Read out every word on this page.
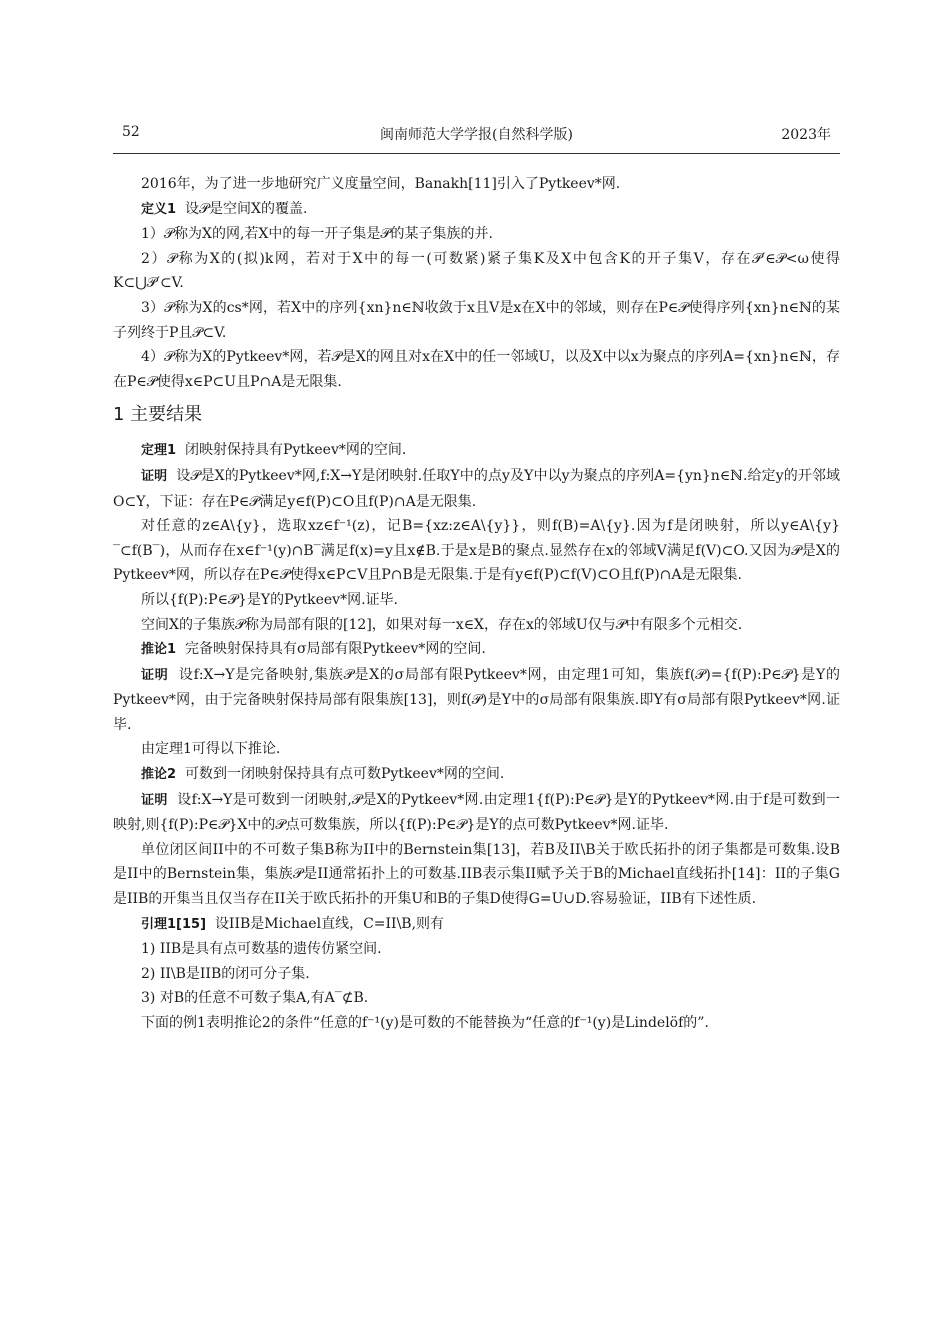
52	闽南师范大学学报(自然科学版)	2023年

2016年，为了进一步地研究广义度量空间，Banakh[11]引入了Pytkeev*网.

定义1 设𝒫是空间X的覆盖.

1）𝒫称为X的网,若X中的每一开子集是𝒫的某子集族的并.

2）𝒫称为X的(拟)k网，若对于X中的每一(可数紧)紧子集K及X中包含K的开子集V，存在𝒫′∈𝒫<ω使得K⊂⋃𝒫′⊂V.

3）𝒫称为X的cs*网，若X中的序列{xn}n∈ℕ收敛于x且V是x在X中的邻域，则存在P∈𝒫使得序列{xn}n∈ℕ的某子列终于P且𝒫⊂V.

4）𝒫称为X的Pytkeev*网，若𝒫是X的网且对x在X中的任一邻域U，以及X中以x为聚点的序列A={xn}n∈ℕ，存在P∈𝒫使得x∈P⊂U且P∩A是无限集.

1 主要结果

定理1 闭映射保持具有Pytkeev*网的空间.

证明 设𝒫是X的Pytkeev*网,f:X→Y是闭映射.任取Y中的点y及Y中以y为聚点的序列A={yn}n∈ℕ.给定y的开邻域O⊂Y，下证：存在P∈𝒫满足y∈f(P)⊂O且f(P)∩A是无限集.

对任意的z∈A\{y}，选取xz∈f⁻¹(z)，记B={xz:z∈A\{y}}，则f(B)=A\{y}.因为f是闭映射，所以y∈A\{y}‾⊂f(B‾)，从而存在x∈f⁻¹(y)∩B‾满足f(x)=y且x∉B.于是x是B的聚点.显然存在x的邻域V满足f(V)⊂O.又因为𝒫是X的Pytkeev*网，所以存在P∈𝒫使得x∈P⊂V且P∩B是无限集.于是有y∈f(P)⊂f(V)⊂O且f(P)∩A是无限集.

所以{f(P):P∈𝒫}是Y的Pytkeev*网.证毕.

空间X的子集族𝒫称为局部有限的[12]，如果对每一x∈X，存在x的邻域U仅与𝒫中有限多个元相交.

推论1 完备映射保持具有σ局部有限Pytkeev*网的空间.

证明 设f:X→Y是完备映射,集族𝒫是X的σ局部有限Pytkeev*网，由定理1可知，集族f(𝒫)={f(P):P∈𝒫}是Y的Pytkeev*网，由于完备映射保持局部有限集族[13]，则f(𝒫)是Y中的σ局部有限集族.即Y有σ局部有限Pytkeev*网.证毕.

由定理1可得以下推论.

推论2 可数到一闭映射保持具有点可数Pytkeev*网的空间.

证明 设f:X→Y是可数到一闭映射,𝒫是X的Pytkeev*网.由定理1{f(P):P∈𝒫}是Y的Pytkeev*网.由于f是可数到一映射,则{f(P):P∈𝒫}X中的𝒫点可数集族，所以{f(P):P∈𝒫}是Y的点可数Pytkeev*网.证毕.

单位闭区间II中的不可数子集B称为II中的Bernstein集[13]，若B及II\B关于欧氏拓扑的闭子集都是可数集.设B是II中的Bernstein集，集族𝒫是II通常拓扑上的可数基.IIB表示集II赋予关于B的Michael直线拓扑[14]：II的子集G是IIB的开集当且仅当存在II关于欧氏拓扑的开集U和B的子集D使得G=U∪D.容易验证，IIB有下述性质.

引理1[15] 设IIB是Michael直线，C=II\B,则有

1) IIB是具有点可数基的遗传仿紧空间.

2) II\B是IIB的闭可分子集.

3) 对B的任意不可数子集A,有A‾⊄B.

下面的例1表明推论2的条件“任意的f⁻¹(y)是可数的不能替换为“任意的f⁻¹(y)是Lindelöf的”.
